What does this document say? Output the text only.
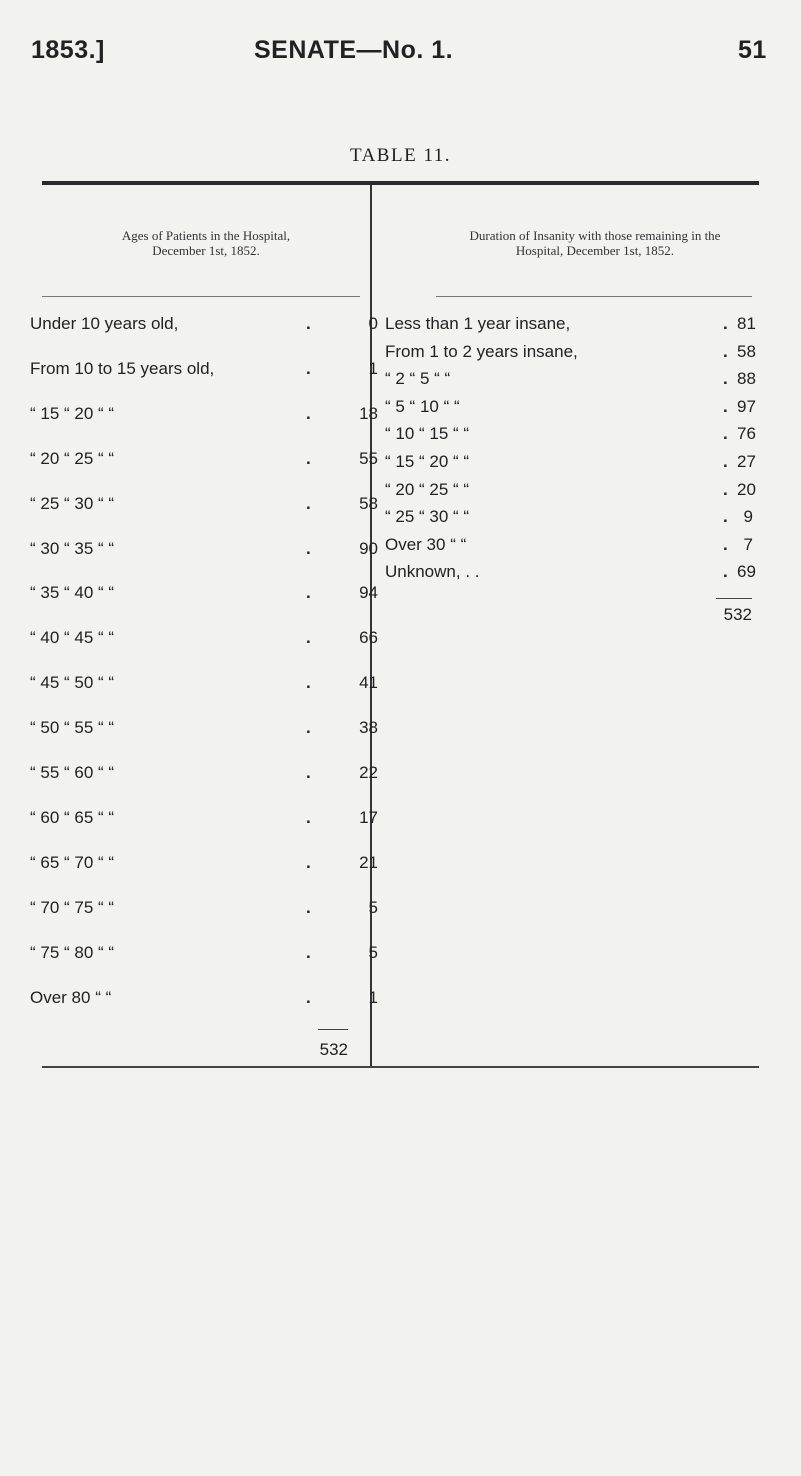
1853.]	SENATE—No. 1.	51
TABLE 11.
Ages of Patients in the Hospital,
December 1st, 1852.
Duration of Insanity with those remaining in the
Hospital, December 1st, 1852.
Under 10 years old,	.	0
From 10 to 15 years old,	.	1
“ 15 “ 20 “ “	.	18
“ 20 “ 25 “ “	.	55
“ 25 “ 30 “ “	.	58
“ 30 “ 35 “ “	.	90
“ 35 “ 40 “ “	.	94
“ 40 “ 45 “ “	.	66
“ 45 “ 50 “ “	.	41
“ 50 “ 55 “ “	.	38
“ 55 “ 60 “ “	.	22
“ 60 “ 65 “ “	.	17
“ 65 “ 70 “ “	.	21
“ 70 “ 75 “ “	.	5
“ 75 “ 80 “ “	.	5
Over 80 “ “	.	1
Less than 1 year insane,	. 81
From 1 to 2 years insane,	. 58
“ 2 “ 5 “ “	. 88
“ 5 “ 10 “ “	. 97
“ 10 “ 15 “ “	. 76
“ 15 “ 20 “ “	. 27
“ 20 “ 25 “ “	. 20
“ 25 “ 30 “ “	. 9
Over 30 “ “	. 7
Unknown, . .	. 69
532
532
